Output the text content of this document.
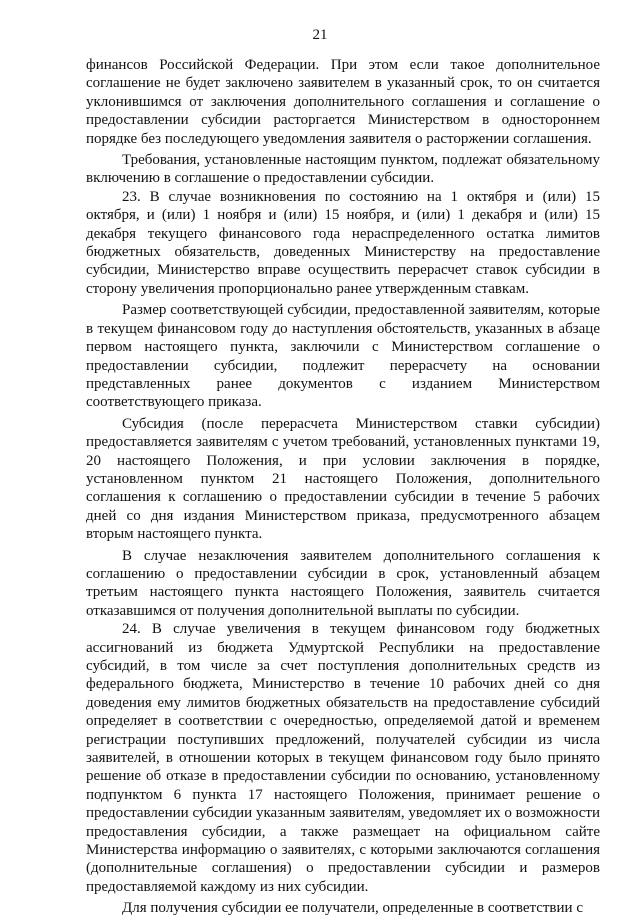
21

финансов Российской Федерации. При этом если такое дополнительное соглашение не будет заключено заявителем в указанный срок, то он считается уклонившимся от заключения дополнительного соглашения и соглашение о предоставлении субсидии расторгается Министерством в одностороннем порядке без последующего уведомления заявителя о расторжении соглашения.

Требования, установленные настоящим пунктом, подлежат обязательному включению в соглашение о предоставлении субсидии.

23. В случае возникновения по состоянию на 1 октября и (или) 15 октября, и (или) 1 ноября и (или) 15 ноября, и (или) 1 декабря и (или) 15 декабря текущего финансового года нераспределенного остатка лимитов бюджетных обязательств, доведенных Министерству на предоставление субсидии, Министерство вправе осуществить перерасчет ставок субсидии в сторону увеличения пропорционально ранее утвержденным ставкам.

Размер соответствующей субсидии, предоставленной заявителям, которые в текущем финансовом году до наступления обстоятельств, указанных в абзаце первом настоящего пункта, заключили с Министерством соглашение о предоставлении субсидии, подлежит перерасчету на основании представленных ранее документов с изданием Министерством соответствующего приказа.

Субсидия (после перерасчета Министерством ставки субсидии) предоставляется заявителям с учетом требований, установленных пунктами 19, 20 настоящего Положения, и при условии заключения в порядке, установленном пунктом 21 настоящего Положения, дополнительного соглашения к соглашению о предоставлении субсидии в течение 5 рабочих дней со дня издания Министерством приказа, предусмотренного абзацем вторым настоящего пункта.

В случае незаключения заявителем дополнительного соглашения к соглашению о предоставлении субсидии в срок, установленный абзацем третьим настоящего пункта настоящего Положения, заявитель считается отказавшимся от получения дополнительной выплаты по субсидии.

24. В случае увеличения в текущем финансовом году бюджетных ассигнований из бюджета Удмуртской Республики на предоставление субсидий, в том числе за счет поступления дополнительных средств из федерального бюджета, Министерство в течение 10 рабочих дней со дня доведения ему лимитов бюджетных обязательств на предоставление субсидий определяет в соответствии с очередностью, определяемой датой и временем регистрации поступивших предложений, получателей субсидии из числа заявителей, в отношении которых в текущем финансовом году было принято решение об отказе в предоставлении субсидии по основанию, установленному подпунктом 6 пункта 17 настоящего Положения, принимает решение о предоставлении субсидии указанным заявителям, уведомляет их о возможности предоставления субсидии, а также размещает на официальном сайте Министерства информацию о заявителях, с которыми заключаются соглашения (дополнительные соглашения) о предоставлении субсидии и размеров предоставляемой каждому из них субсидии.

Для получения субсидии ее получатели, определенные в соответствии с
